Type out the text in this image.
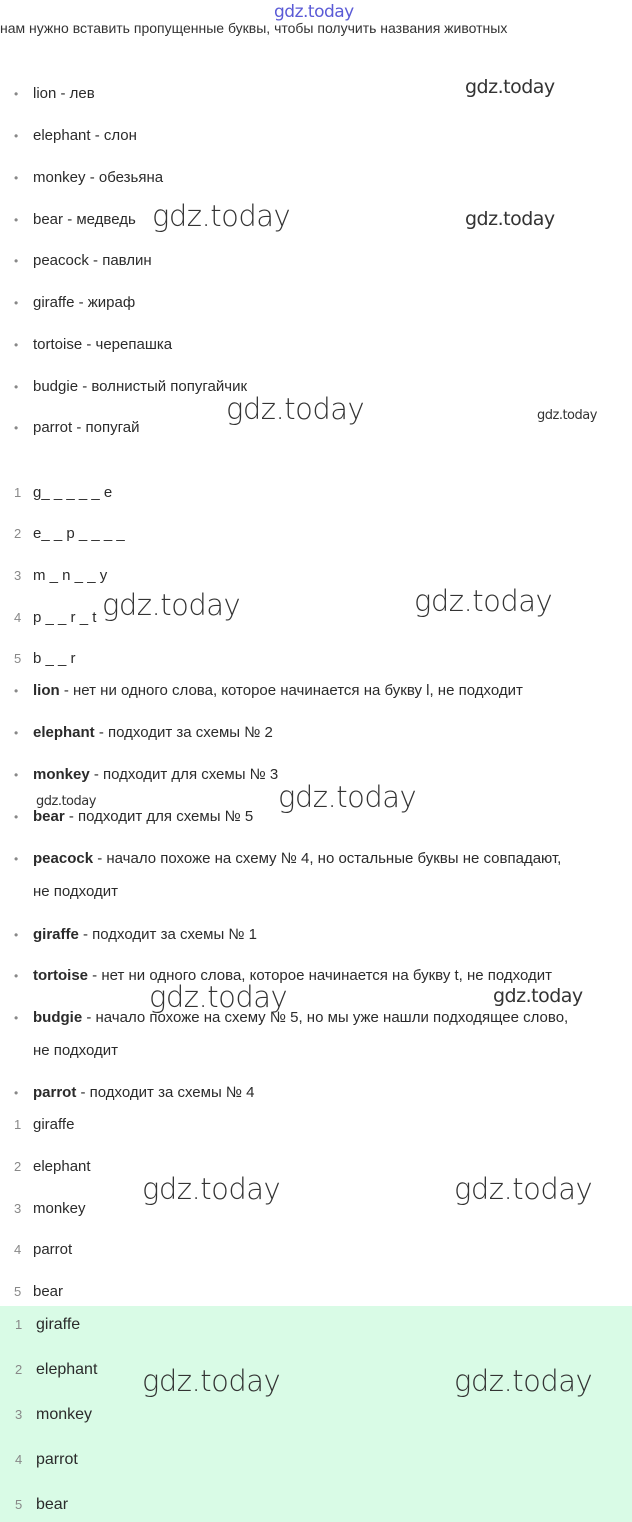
gdz.today
нам нужно вставить пропущенные буквы, чтобы получить названия животных
• lion - лев
• elephant - слон
• monkey - обезьяна
• bear - медведь
• peacock - павлин
• giraffe - жираф
• tortoise - черепашка
• budgie - волнистый попугайчик
• parrot - попугай
1 g_ _ _ _ _ e
2 e_ _ p _ _ _ _
3 m _ n _ _ y
4 p _ _ r _ t
5 b _ _ r
• lion - нет ни одного слова, которое начинается на букву l, не подходит
• elephant - подходит за схемы № 2
• monkey - подходит для схемы № 3
• bear - подходит для схемы № 5
• peacock - начало похоже на схему № 4, но остальные буквы не совпадают,
не подходит
• giraffe - подходит за схемы № 1
• tortoise - нет ни одного слова, которое начинается на букву t, не подходит
• budgie - начало похоже на схему № 5, но мы уже нашли подходящее слово,
не подходит
• parrot - подходит за схемы № 4
1 giraffe
2 elephant
3 monkey
4 parrot
5 bear
1 giraffe
2 elephant
3 monkey
4 parrot
5 bear
gdz.today
gdz.today	gdz.today
gdz.today	gdz.today
gdz.today	gdz.today
gdz.today	gdz.today
gdz.today	gdz.today
gdz.today	gdz.today
gdz.today	gdz.today
